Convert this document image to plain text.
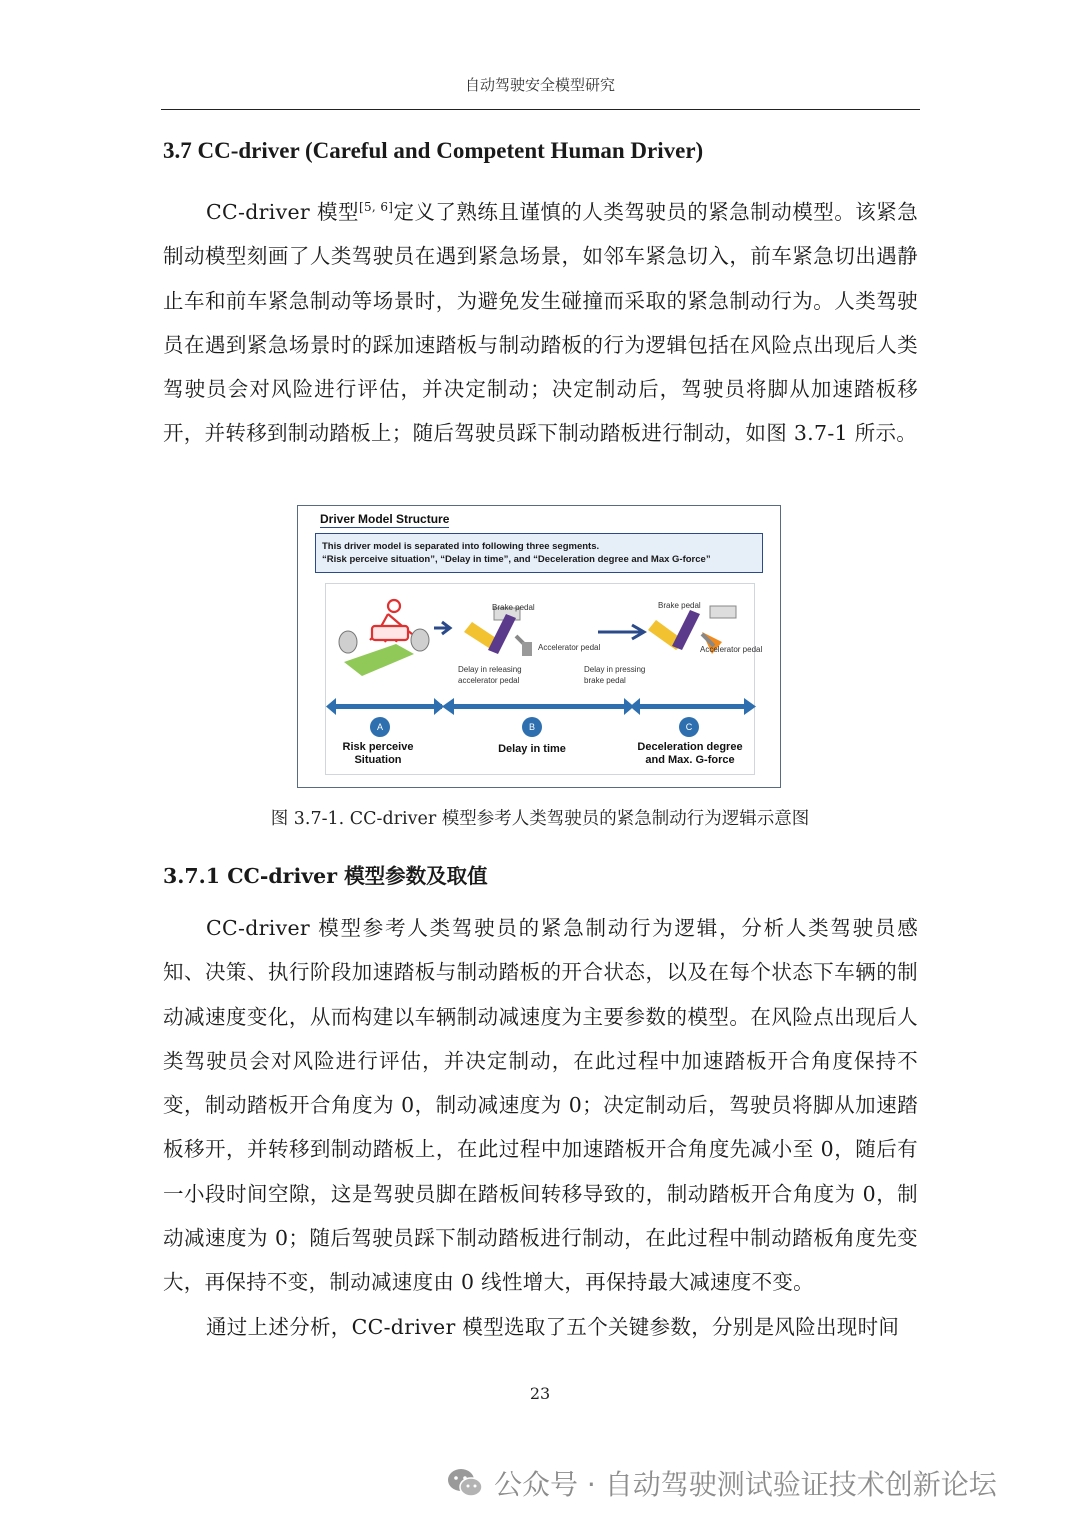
自动驾驶安全模型研究
3.7 CC-driver (Careful and Competent Human Driver)

CC-driver 模型[5, 6]定义了熟练且谨慎的人类驾驶员的紧急制动模型。该紧急制动模型刻画了人类驾驶员在遇到紧急场景，如邻车紧急切入，前车紧急切出遇静止车和前车紧急制动等场景时，为避免发生碰撞而采取的紧急制动行为。人类驾驶员在遇到紧急场景时的踩加速踏板与制动踏板的行为逻辑包括在风险点出现后人类驾驶员会对风险进行评估，并决定制动；决定制动后，驾驶员将脚从加速踏板移开，并转移到制动踏板上；随后驾驶员踩下制动踏板进行制动，如图 3.7-1 所示。

Driver Model Structure
This driver model is separated into following three segments.
“Risk perceive situation”, “Delay in time”, and “Deceleration degree and Max G-force”
Brake pedal
Accelerator pedal
Brake pedal
Accelerator pedal
Delay in releasing
accelerator pedal
Delay in pressing
brake pedal
A
Risk perceive
Situation
B
Delay in time
C
Deceleration degree
and Max. G-force
图 3.7-1. CC-driver 模型参考人类驾驶员的紧急制动行为逻辑示意图
3.7.1 CC-driver 模型参数及取值

CC-driver 模型参考人类驾驶员的紧急制动行为逻辑，分析人类驾驶员感知、决策、执行阶段加速踏板与制动踏板的开合状态，以及在每个状态下车辆的制动减速度变化，从而构建以车辆制动减速度为主要参数的模型。在风险点出现后人类驾驶员会对风险进行评估，并决定制动，在此过程中加速踏板开合角度保持不变，制动踏板开合角度为 0，制动减速度为 0；决定制动后，驾驶员将脚从加速踏板移开，并转移到制动踏板上，在此过程中加速踏板开合角度先减小至 0，随后有一小段时间空隙，这是驾驶员脚在踏板间转移导致的，制动踏板开合角度为 0，制动减速度为 0；随后驾驶员踩下制动踏板进行制动，在此过程中制动踏板角度先变大，再保持不变，制动减速度由 0 线性增大，再保持最大减速度不变。

通过上述分析，CC-driver 模型选取了五个关键参数，分别是风险出现时间

23
公众号 · 自动驾驶测试验证技术创新论坛
